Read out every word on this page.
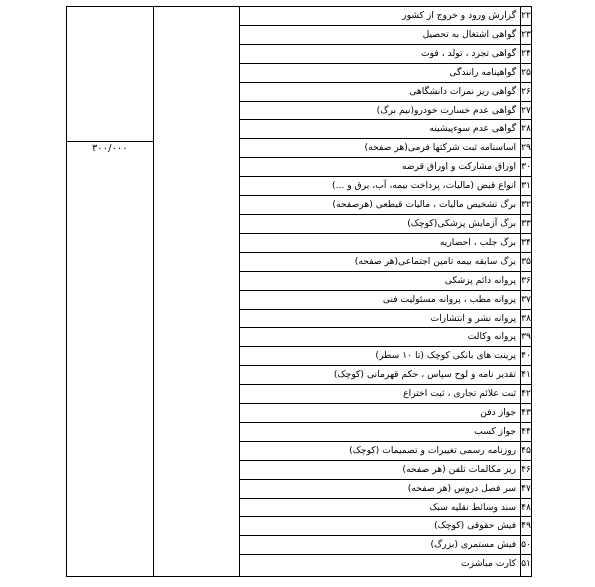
۳۰۰/۰۰۰
گزارش ورود و خروج از کشور
گواهی اشتغال به تحصیل
گواهی تجرد ، تولد ، فوت
گواهینامه رانندگی
گواهی ریز نمرات دانشگاهی
گواهی عدم خسارت خودرو(نیم برگ)
گواهی عدم سوءپیشینه
اساسنامه ثبت شرکتها فرمی(هر صفحه)
اوراق مشارکت و اوراق قرضه
انواع قبض (مالیات، پرداخت بیمه، آب، برق و ...)
برگ تشخیص مالیات ، مالیات قیطعی (هرصفحه)
برگ آزمایش پزشکی(کوچک)
برگ جلب ، احضاریه
برگ سابقه بیمه تامین اجتماعی(هر صفحه)
پروانه دائم پزشکی
پروانه مطب ، پروانه مسئولیت فنی
پروانه نشر و انتشارات
پروانه وکالت
پرینت های بانکی کوچک (تا ۱۰ سطر)
تقدیر نامه و لوح سپاس ، حکم قهرمانی (کوچک)
ثبت علائم تجاری ، ثبت اختراع
جواز دفن
جواز کسب
روزنامه رسمی تغییرات و تصمیمات (کوچک)
ریز مکالمات تلفن (هر صفحه)
سر فصل دروس (هر صفحه)
سند وسائط نقلیه سبک
فیش حقوقی (کوچک)
فیش مستمری (بزرگ)
کارت مباشرت
۲۲
۲۳
۲۴
۲۵
۲۶
۲۷
۲۸
۲۹
۳۰
۳۱
۳۲
۳۳
۳۴
۳۵
۳۶
۳۷
۳۸
۳۹
۴۰
۴۱
۴۲
۴۳
۴۴
۴۵
۴۶
۴۷
۴۸
۴۹
۵۰
۵۱
